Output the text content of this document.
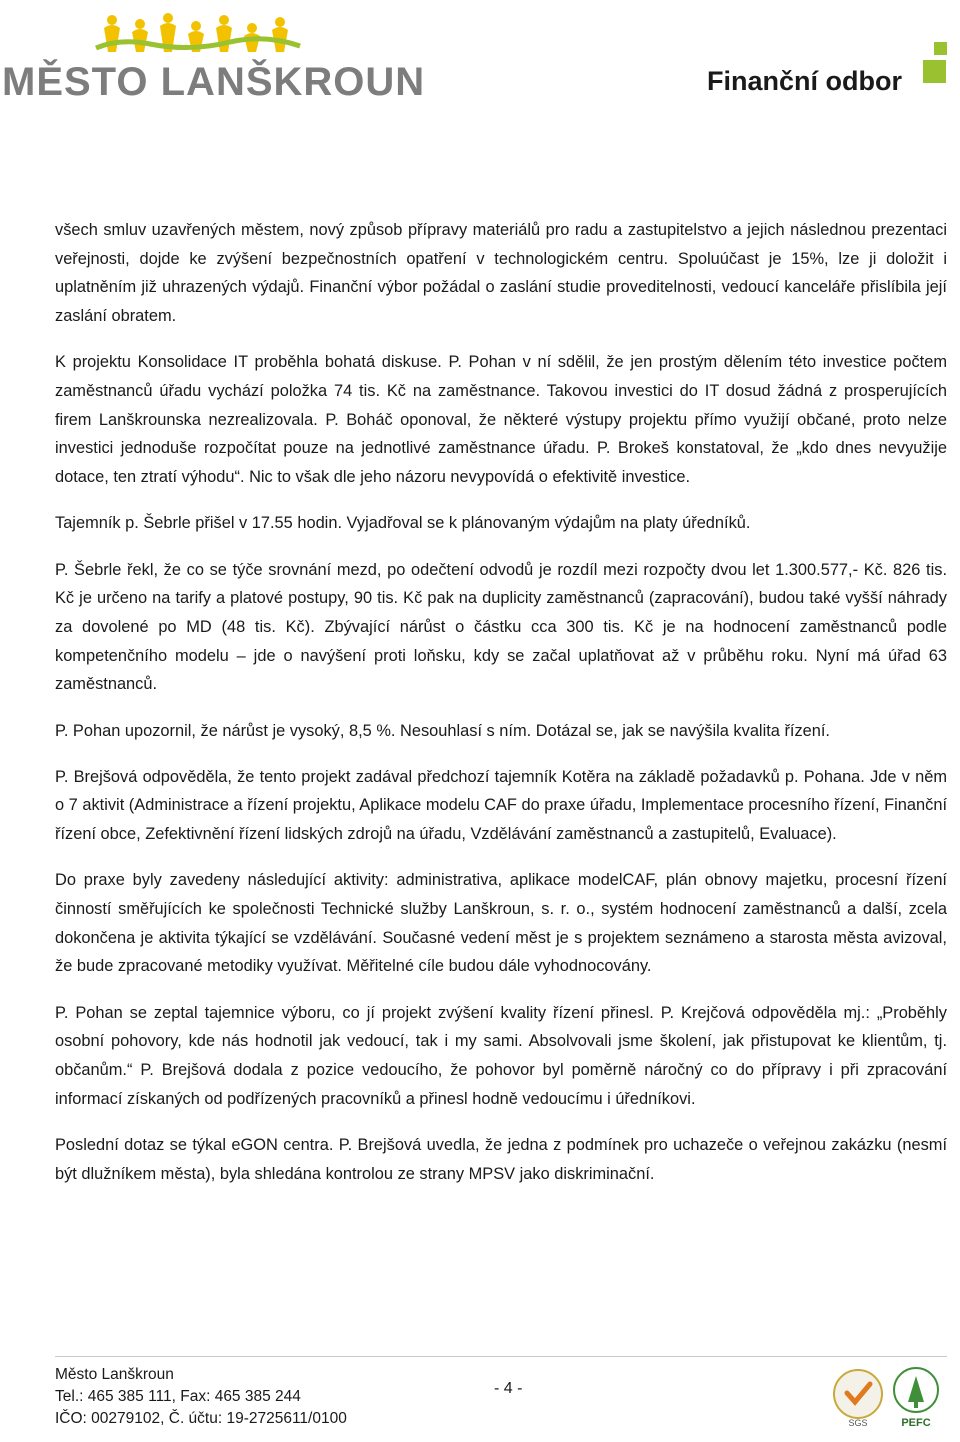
MĚSTO LANŠKROUN	Finanční odbor

všech smluv uzavřených městem, nový způsob přípravy materiálů pro radu a zastupitelstvo a jejich následnou prezentaci veřejnosti, dojde ke zvýšení bezpečnostních opatření v technologickém centru. Spoluúčast je 15%, lze ji doložit i uplatněním již uhrazených výdajů. Finanční výbor požádal o zaslání studie proveditelnosti, vedoucí kanceláře přislíbila její zaslání obratem.

K projektu Konsolidace IT proběhla bohatá diskuse. P. Pohan v ní sdělil, že jen prostým dělením této investice počtem zaměstnanců úřadu vychází položka 74 tis. Kč na zaměstnance. Takovou investici do IT dosud žádná z prosperujících firem Lanškrounska nezrealizovala. P. Boháč oponoval, že některé výstupy projektu přímo využijí občané, proto nelze investici jednoduše rozpočítat pouze na jednotlivé zaměstnance úřadu. P. Brokeš konstatoval, že „kdo dnes nevyužije dotace, ten ztratí výhodu“. Nic to však dle jeho názoru nevypovídá o efektivitě investice.

Tajemník p. Šebrle přišel v 17.55 hodin. Vyjadřoval se k plánovaným výdajům na platy úředníků.

P. Šebrle řekl, že co se týče srovnání mezd, po odečtení odvodů je rozdíl mezi rozpočty dvou let 1.300.577,- Kč. 826 tis. Kč je určeno na tarify a platové postupy, 90 tis. Kč pak na duplicity zaměstnanců (zapracování), budou také vyšší náhrady za dovolené po MD (48 tis. Kč). Zbývající nárůst o částku cca 300 tis. Kč je na hodnocení zaměstnanců podle kompetenčního modelu – jde o navýšení proti loňsku, kdy se začal uplatňovat až v průběhu roku. Nyní má úřad 63 zaměstnanců.

P. Pohan upozornil, že nárůst je vysoký, 8,5 %. Nesouhlasí s ním. Dotázal se, jak se navýšila kvalita řízení.

P. Brejšová odpověděla, že tento projekt zadával předchozí tajemník Kotěra na základě požadavků p. Pohana. Jde v něm o 7 aktivit (Administrace a řízení projektu, Aplikace modelu CAF do praxe úřadu, Implementace procesního řízení, Finanční řízení obce, Zefektivnění řízení lidských zdrojů na úřadu, Vzdělávání zaměstnanců a zastupitelů, Evaluace).

Do praxe byly zavedeny následující aktivity: administrativa, aplikace modelCAF, plán obnovy majetku, procesní řízení činností směřujících ke společnosti Technické služby Lanškroun, s. r. o., systém hodnocení zaměstnanců a další, zcela dokončena je aktivita týkající se vzdělávání. Současné vedení měst je s projektem seznámeno a starosta města avizoval, že bude zpracované metodiky využívat. Měřitelné cíle budou dále vyhodnocovány.

P. Pohan se zeptal tajemnice výboru, co jí projekt zvýšení kvality řízení přinesl. P. Krejčová odpověděla mj.: „Proběhly osobní pohovory, kde nás hodnotil jak vedoucí, tak i my sami. Absolvovali jsme školení, jak přistupovat ke klientům, tj. občanům.“ P. Brejšová dodala z pozice vedoucího, že pohovor byl poměrně náročný co do přípravy i při zpracování informací získaných od podřízených pracovníků a přinesl hodně vedoucímu i úředníkovi.

Poslední dotaz se týkal eGON centra. P. Brejšová uvedla, že jedna z podmínek pro uchazeče o veřejnou zakázku (nesmí být dlužníkem města), byla shledána kontrolou ze strany MPSV jako diskriminační.

Město Lanškroun
Tel.: 465 385 111, Fax: 465 385 244
IČO: 00279102, Č. účtu: 19-2725611/0100
- 4 -
SGS	PEFC
